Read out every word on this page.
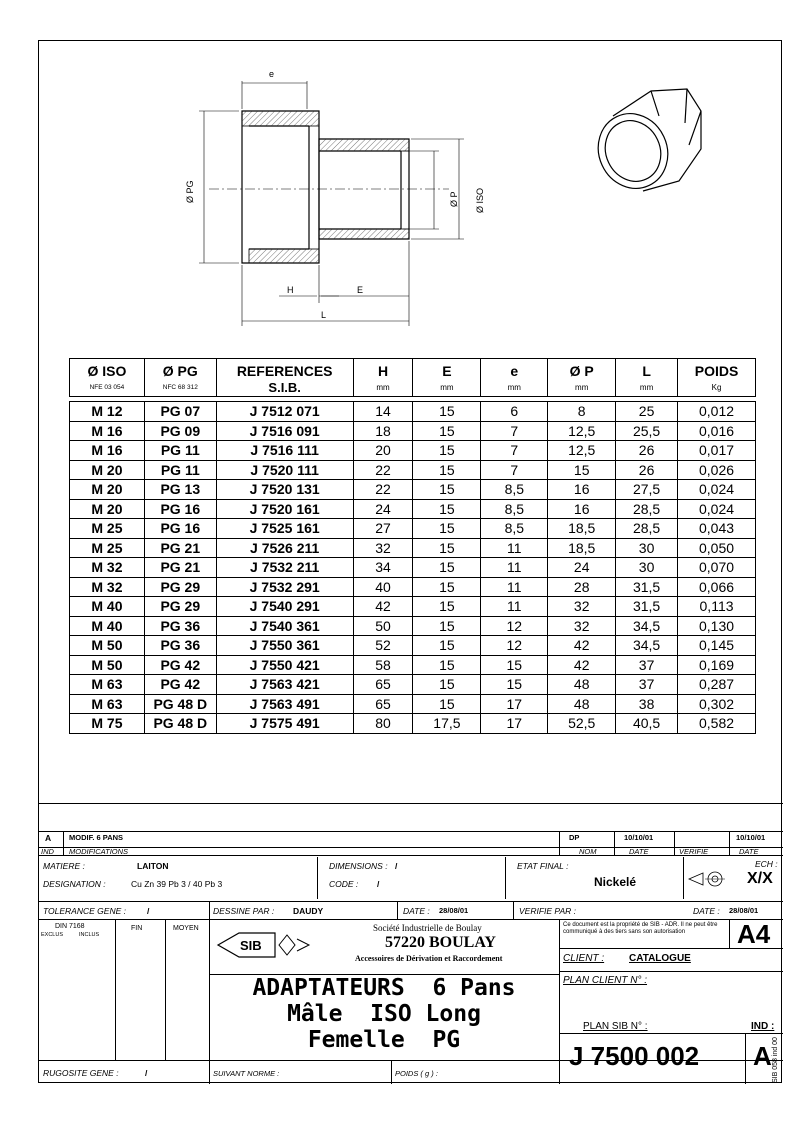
e
Ø PG	Ø P Ø ISO
H	E
L
Ø ISO	Ø PG	REFERENCES	H	E	e	Ø P	L	POIDS
NFE 03 054	NFC 68 312	S.I.B.	mm	mm	mm	mm	mm	Kg

M 12	PG 07	J 7512 071	14	15	6	8	25	0,012
M 16	PG 09	J 7516 091	18	15	7	12,5	25,5	0,016
M 16	PG 11	J 7516 111	20	15	7	12,5	26	0,017
M 20	PG 11	J 7520 111	22	15	7	15	26	0,026
M 20	PG 13	J 7520 131	22	15	8,5	16	27,5	0,024
M 20	PG 16	J 7520 161	24	15	8,5	16	28,5	0,024
M 25	PG 16	J 7525 161	27	15	8,5	18,5	28,5	0,043
M 25	PG 21	J 7526 211	32	15	11	18,5	30	0,050
M 32	PG 21	J 7532 211	34	15	11	24	30	0,070
M 32	PG 29	J 7532 291	40	15	11	28	31,5	0,066
M 40	PG 29	J 7540 291	42	15	11	32	31,5	0,113
M 40	PG 36	J 7540 361	50	15	12	32	34,5	0,130
M 50	PG 36	J 7550 361	52	15	12	42	34,5	0,145
M 50	PG 42	J 7550 421	58	15	15	42	37	0,169
M 63	PG 42	J 7563 421	65	15	15	48	37	0,287
M 63	PG 48 D	J 7563 491	65	15	17	48	38	0,302
M 75	PG 48 D	J 7575 491	80	17,5	17	52,5	40,5	0,582
A MODIF. 6 PANS	DP	10/10/01	10/10/01
IND MODIFICATIONS	NOM	DATE	VERIFIE	DATE
MATIERE :	LAITON
DESIGNATION :	Cu Zn 39 Pb 3 / 40 Pb 3
DIMENSIONS : /
CODE : /
ETAT FINAL :
Nickelé
ECH :
X/X
TOLERANCE GENE : /	DESSINE PAR : DAUDY	DATE : 28/08/01	VERIFIE PAR :	DATE : 28/08/01
DIN 7168
EXCLUS	INCLUS
FIN	MOYEN
SIB
Société Industrielle de Boulay
57220 BOULAY
Accessoires de Dérivation et Raccordement
Ce document est la propriété de SIB - ADR. Il ne peut être communiqué à des tiers sans son autorisation	A4
CLIENT : CATALOGUE
PLAN CLIENT N° :
ADAPTATEURS  6 Pans
Mâle  ISO Long
Femelle  PG
PLAN SIB N° :	IND :
J 7500 002 A
RUGOSITE GENE :	/	SUIVANT NORME :	POIDS ( g ) :	SIB 058 ind 00
